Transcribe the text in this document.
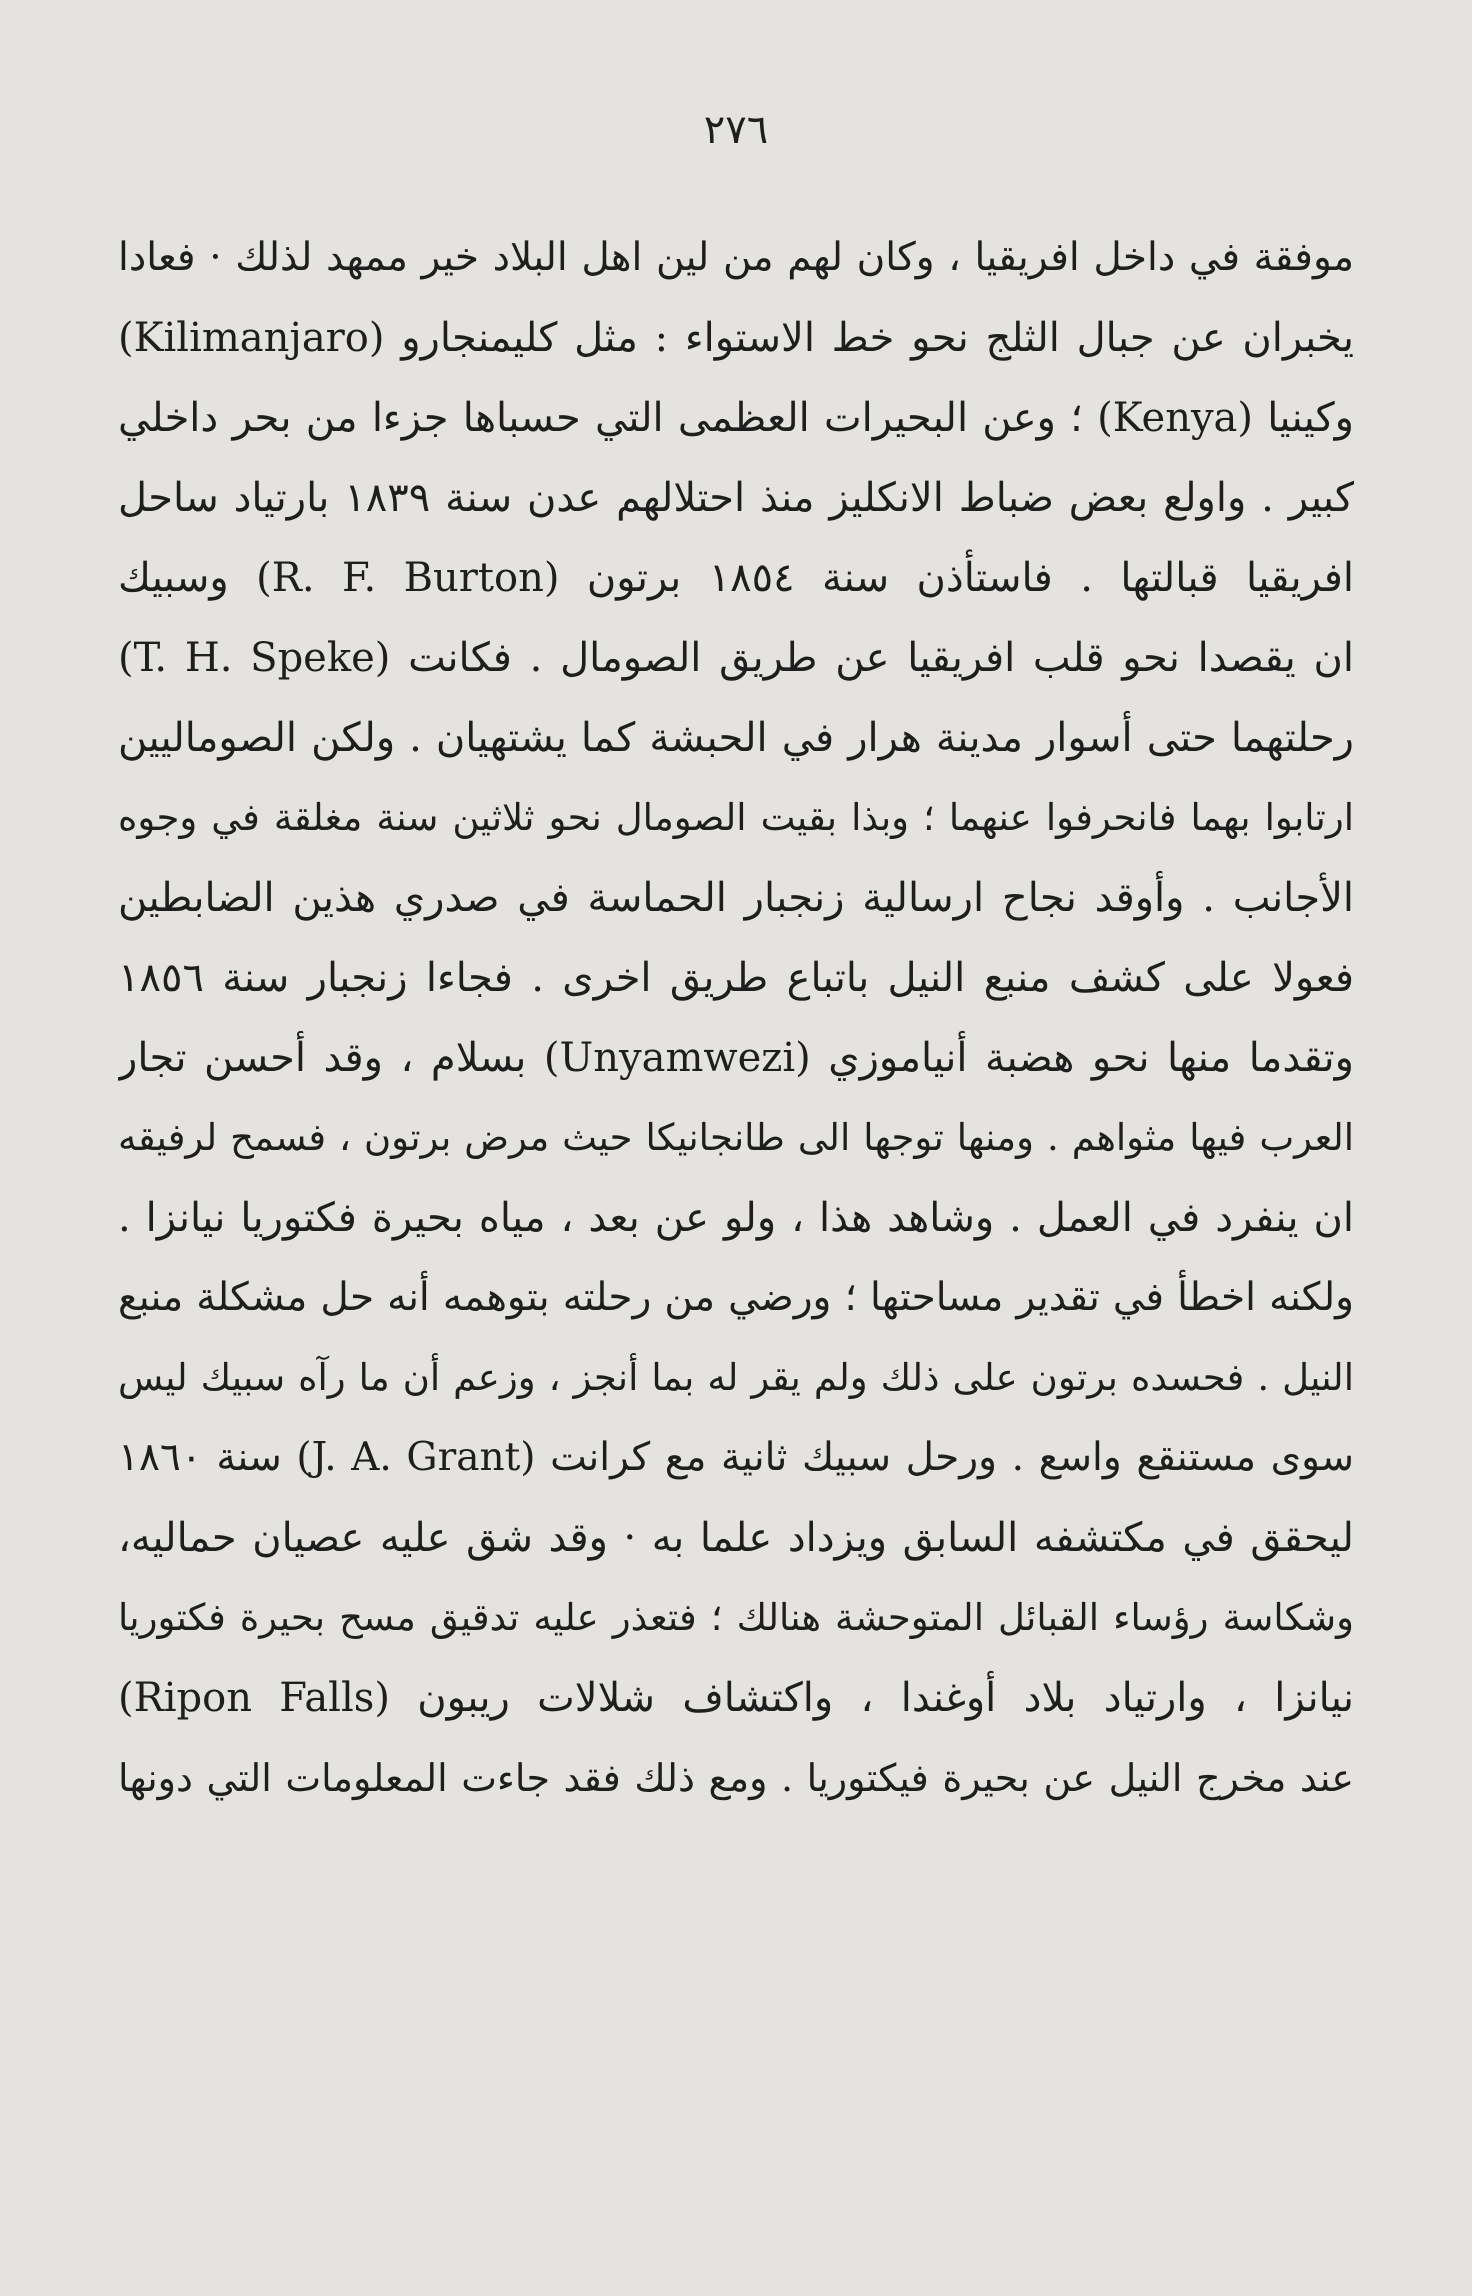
٢٧٦
موفقة في داخل افريقيا ، وكان لهم من لين اهل البلاد خير ممهد لذلك · فعادا
يخبران عن جبال الثلج نحو خط الاستواء : مثل كليمنجارو (Kilimanjaro)
وكينيا (Kenya) ؛ وعن البحيرات العظمى التي حسباها جزءا من بحر داخلي
كبير . واولع بعض ضباط الانكليز منذ احتلالهم عدن سنة ١٨٣٩ بارتياد ساحل
افريقيا قبالتها . فاستأذن سنة ١٨٥٤ برتون (R. F. Burton) وسبيك
(T. H. Speke) ان يقصدا نحو قلب افريقيا عن طريق الصومال . فكانت
رحلتهما حتى أسوار مدينة هرار في الحبشة كما يشتهيان . ولكن الصوماليين
ارتابوا بهما فانحرفوا عنهما ؛ وبذا بقيت الصومال نحو ثلاثين سنة مغلقة في وجوه
الأجانب . وأوقد نجاح ارسالية زنجبار الحماسة في صدري هذين الضابطين
فعولا على كشف منبع النيل باتباع طريق اخرى . فجاءا زنجبار سنة ١٨٥٦
وتقدما منها نحو هضبة أنياموزي (Unyamwezi) بسلام ، وقد أحسن تجار
العرب فيها مثواهم . ومنها توجها الى طانجانيكا حيث مرض برتون ، فسمح لرفيقه
ان ينفرد في العمل . وشاهد هذا ، ولو عن بعد ، مياه بحيرة فكتوريا نيانزا .
ولكنه اخطأ في تقدير مساحتها ؛ ورضي من رحلته بتوهمه أنه حل مشكلة منبع
النيل . فحسده برتون على ذلك ولم يقر له بما أنجز ، وزعم أن ما رآه سبيك ليس
سوى مستنقع واسع . ورحل سبيك ثانية مع كرانت (J. A. Grant) سنة ١٨٦٠
ليحقق في مكتشفه السابق ويزداد علما به · وقد شق عليه عصيان حماليه،
وشكاسة رؤساء القبائل المتوحشة هنالك ؛ فتعذر عليه تدقيق مسح بحيرة فكتوريا
نيانزا ، وارتياد بلاد أوغندا ، واكتشاف شلالات ريبون (Ripon Falls)
عند مخرج النيل عن بحيرة فيكتوريا . ومع ذلك فقد جاءت المعلومات التي دونها
